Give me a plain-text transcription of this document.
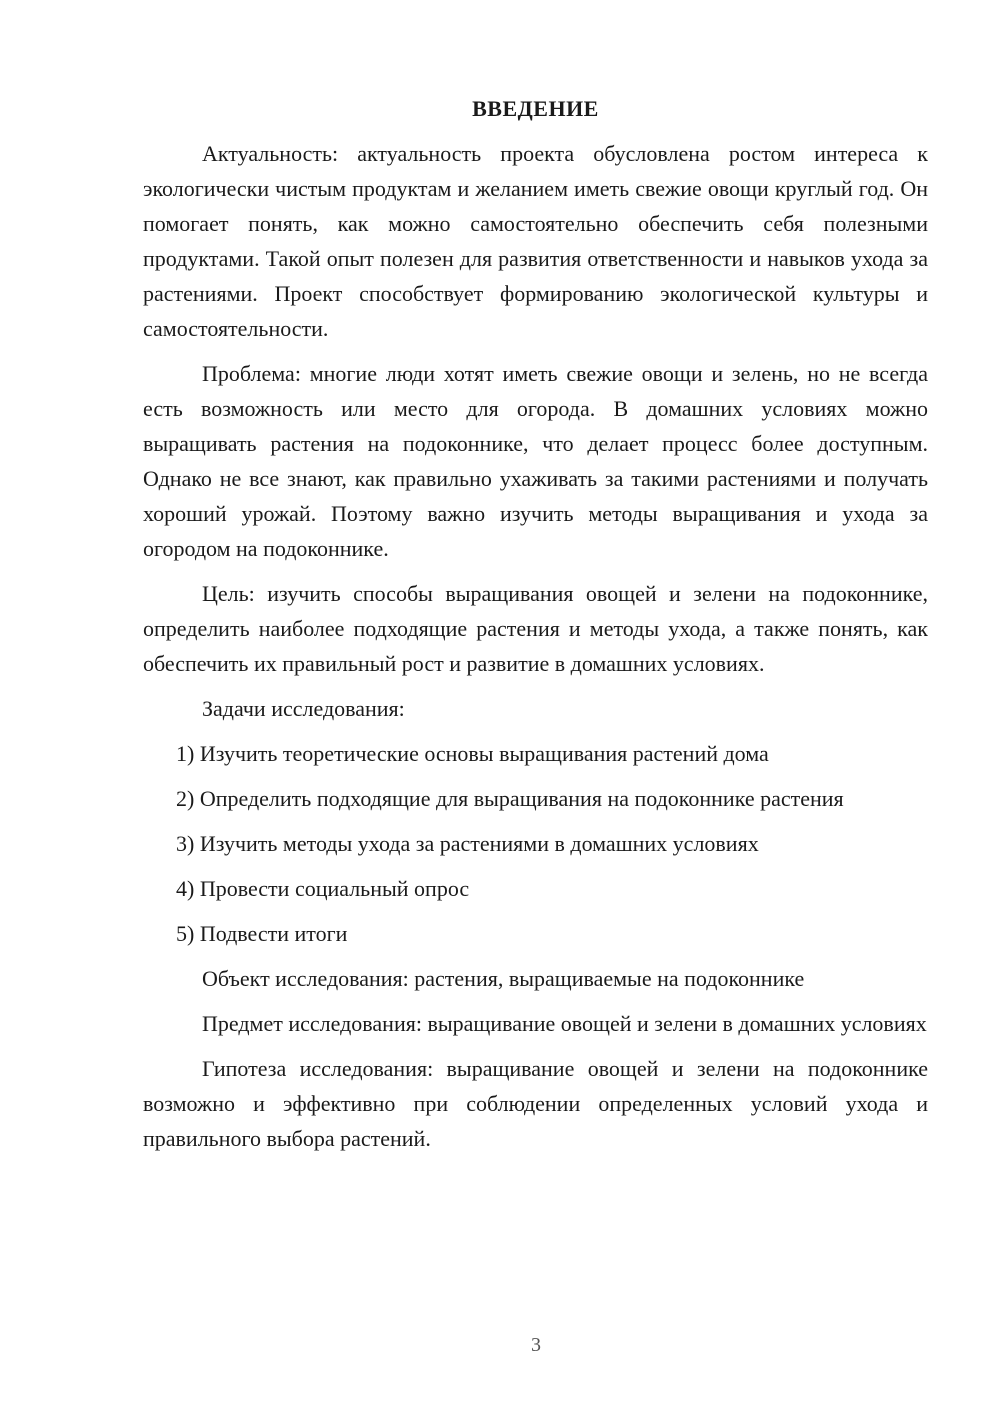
ВВЕДЕНИЕ

Актуальность: актуальность проекта обусловлена ростом интереса к экологически чистым продуктам и желанием иметь свежие овощи круглый год. Он помогает понять, как можно самостоятельно обеспечить себя полезными продуктами. Такой опыт полезен для развития ответственности и навыков ухода за растениями. Проект способствует формированию экологической культуры и самостоятельности.

Проблема: многие люди хотят иметь свежие овощи и зелень, но не всегда есть возможность или место для огорода. В домашних условиях можно выращивать растения на подоконнике, что делает процесс более доступным. Однако не все знают, как правильно ухаживать за такими растениями и получать хороший урожай. Поэтому важно изучить методы выращивания и ухода за огородом на подоконнике.

Цель: изучить способы выращивания овощей и зелени на подоконнике, определить наиболее подходящие растения и методы ухода, а также понять, как обеспечить их правильный рост и развитие в домашних условиях.

Задачи исследования:

1) Изучить теоретические основы выращивания растений дома

2) Определить подходящие для выращивания на подоконнике растения

3) Изучить методы ухода за растениями в домашних условиях

4) Провести социальный опрос

5) Подвести итоги

Объект исследования: растения, выращиваемые на подоконнике

Предмет исследования: выращивание овощей и зелени в домашних условиях

Гипотеза исследования: выращивание овощей и зелени на подоконнике возможно и эффективно при соблюдении определенных условий ухода и правильного выбора растений.

3
